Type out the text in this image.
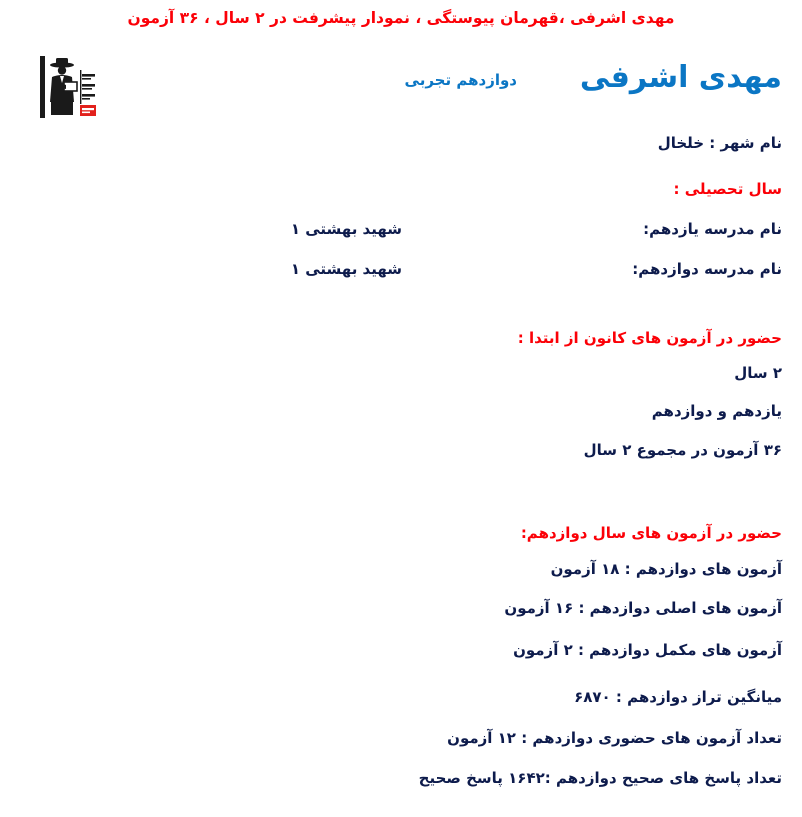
مهدی اشرفی ،قهرمان پیوستگی ، نمودار پیشرفت در ۲ سال ، ۳۶ آزمون
مهدی اشرفی
دوازدهم تجربی
نام شهر : خلخال
سال تحصیلی :
نام مدرسه یازدهم:
شهید بهشتی ۱
نام مدرسه دوازدهم:
شهید بهشتی ۱
حضور در آزمون های کانون از ابتدا :
۲ سال
یازدهم و دوازدهم
۳۶ آزمون در مجموع ۲ سال
حضور در آزمون های سال دوازدهم:
آزمون های دوازدهم : ۱۸ آزمون
آزمون های اصلی دوازدهم : ۱۶ آزمون
آزمون های مکمل دوازدهم : ۲ آزمون
میانگین تراز دوازدهم : ۶۸۷۰
تعداد آزمون های حضوری دوازدهم : ۱۲ آزمون
تعداد پاسخ های صحیح دوازدهم :۱۶۴۲ پاسخ صحیح
